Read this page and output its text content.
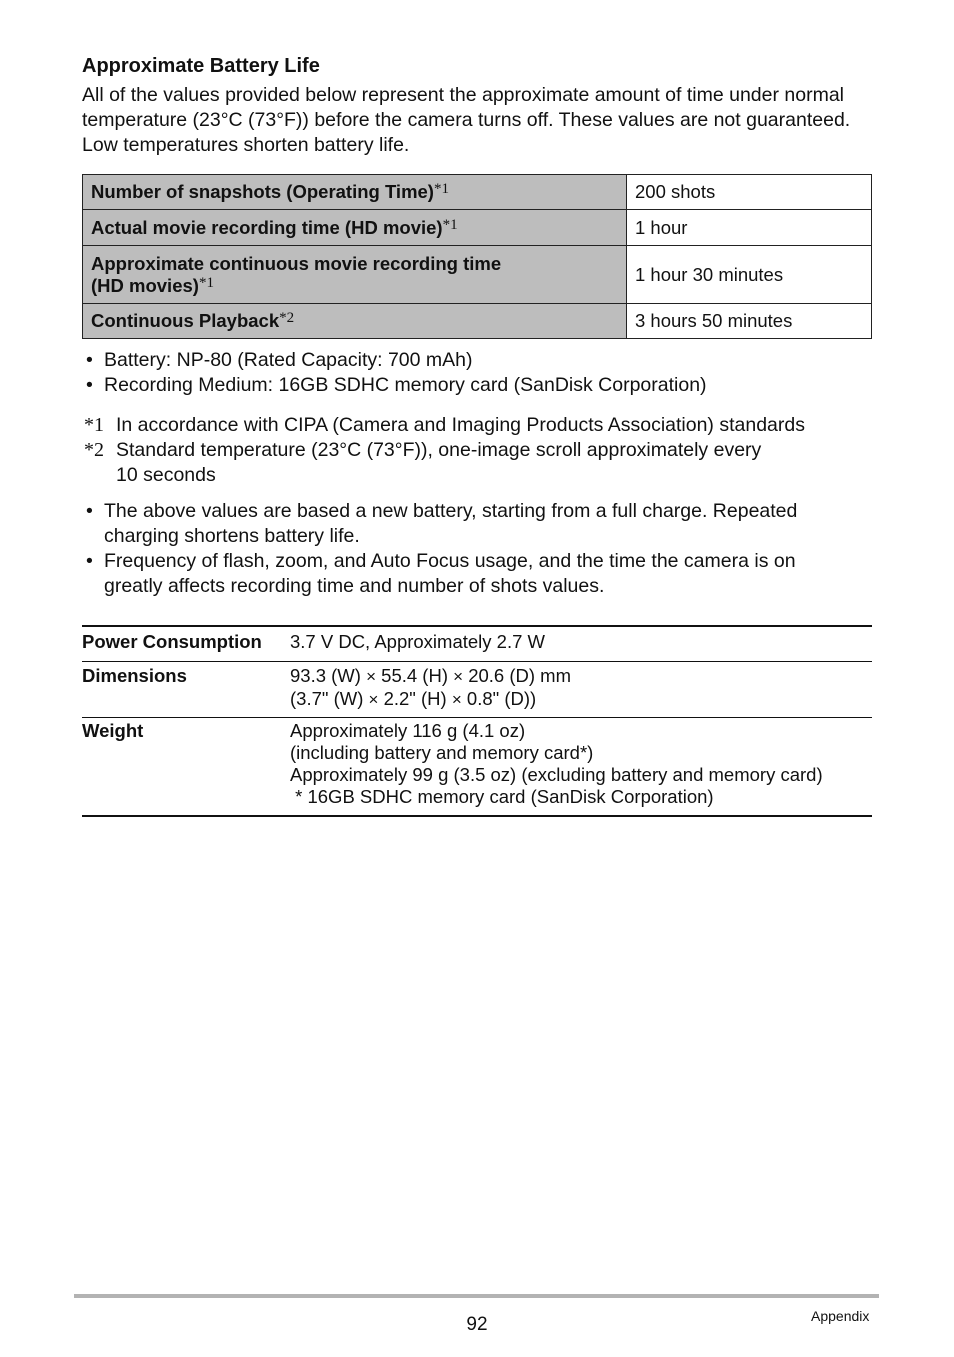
Approximate Battery Life

All of the values provided below represent the approximate amount of time under normal temperature (23°C (73°F)) before the camera turns off. These values are not guaranteed. Low temperatures shorten battery life.

Number of snapshots (Operating Time)$^{*1}$	200 shots
Actual movie recording time (HD movie)$^{*1}$	1 hour

Approximate continuous movie recording time
(HD movies)$^{*1}$	1 hour 30 minutes
Continuous Playback$^{*2}$	3 hours 50 minutes
• Battery: NP-80 (Rated Capacity: 700 mAh)
• Recording Medium: 16GB SDHC memory card (SanDisk Corporation)
*1 In accordance with CIPA (Camera and Imaging Products Association) standards
*2 Standard temperature (23°C (73°F)), one-image scroll approximately every
10 seconds
• The above values are based a new battery, starting from a full charge. Repeated
charging shortens battery life.
• Frequency of flash, zoom, and Auto Focus usage, and the time the camera is on
greatly affects recording time and number of shots values.
Power Consumption	3.7 V DC, Approximately 2.7 W
Dimensions	93.3 (W) × 55.4 (H) × 20.6 (D) mm
(3.7" (W) × 2.2" (H) × 0.8" (D))

Weight	Approximately 116 g (4.1 oz)
(including battery and memory card*)
Approximately 99 g (3.5 oz) (excluding battery and memory card)
* 16GB SDHC memory card (SanDisk Corporation)
92	Appendix
